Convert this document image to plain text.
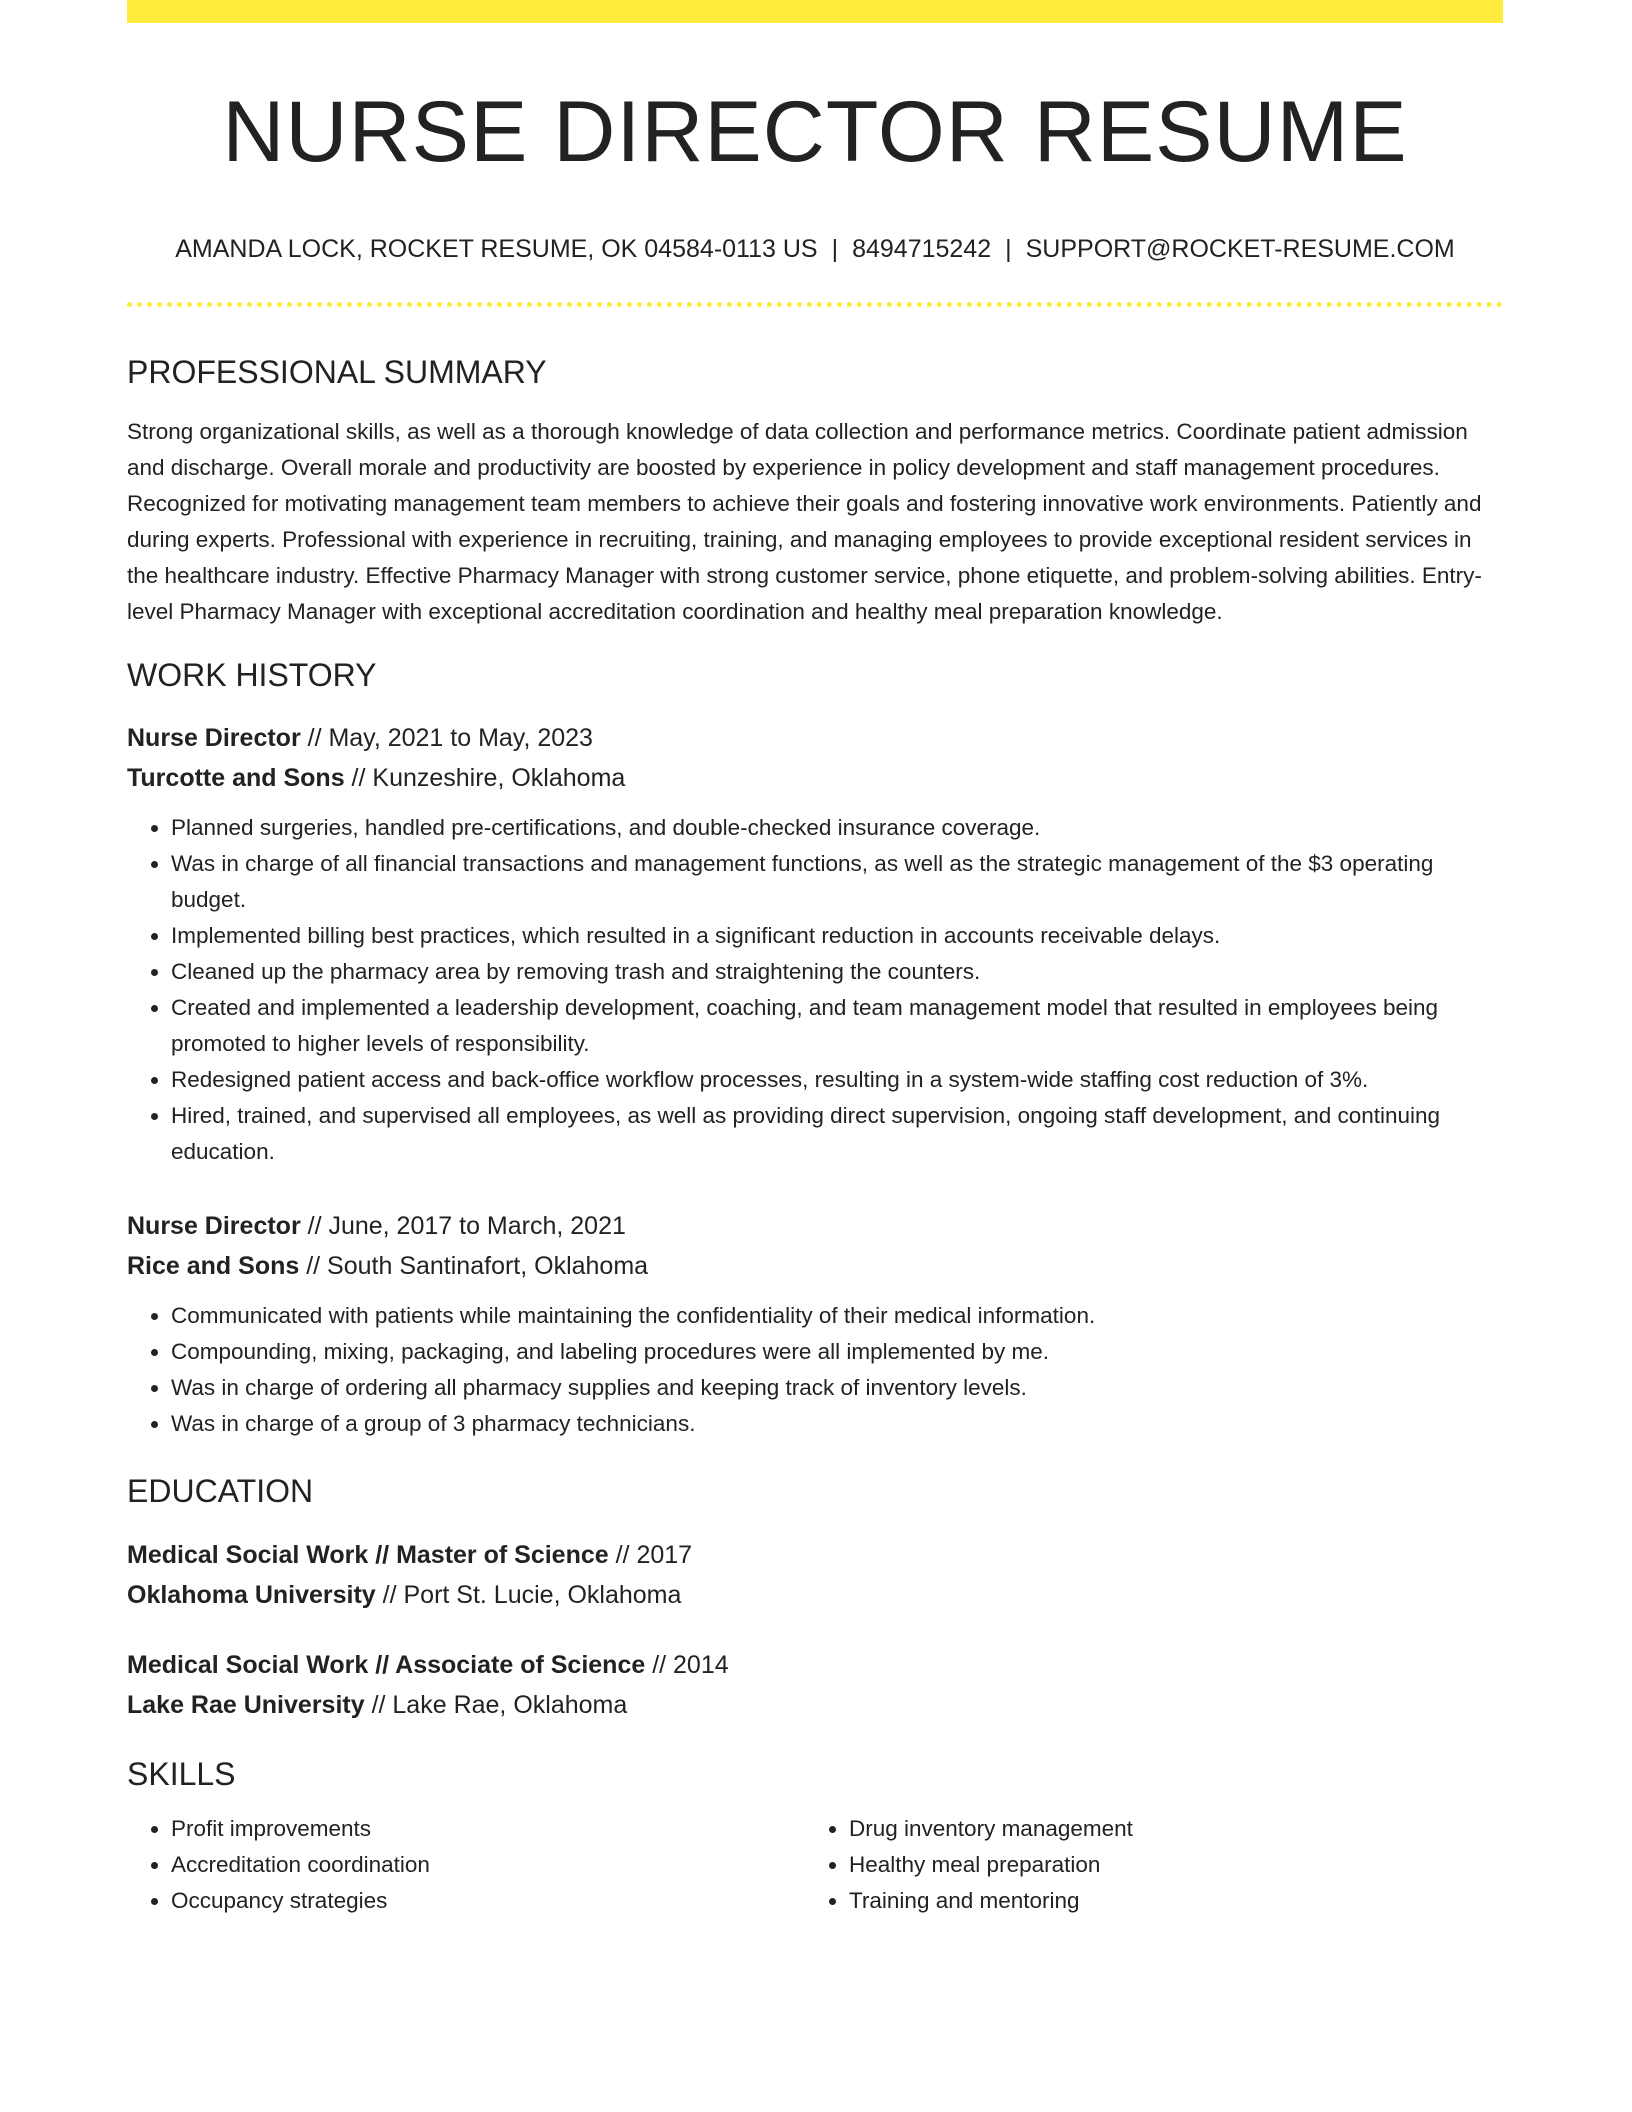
NURSE DIRECTOR RESUME
AMANDA LOCK, ROCKET RESUME, OK 04584-0113 US | 8494715242 | SUPPORT@ROCKET-RESUME.COM
PROFESSIONAL SUMMARY

Strong organizational skills, as well as a thorough knowledge of data collection and performance metrics. Coordinate patient admission and discharge. Overall morale and productivity are boosted by experience in policy development and staff management procedures. Recognized for motivating management team members to achieve their goals and fostering innovative work environments. Patiently and during experts. Professional with experience in recruiting, training, and managing employees to provide exceptional resident services in the healthcare industry. Effective Pharmacy Manager with strong customer service, phone etiquette, and problem-solving abilities. Entry-level Pharmacy Manager with exceptional accreditation coordination and healthy meal preparation knowledge.

WORK HISTORY
Nurse Director // May, 2021 to May, 2023
Turcotte and Sons // Kunzeshire, Oklahoma
• Planned surgeries, handled pre-certifications, and double-checked insurance coverage.
• Was in charge of all financial transactions and management functions, as well as the strategic management of the $3 operating budget.
• Implemented billing best practices, which resulted in a significant reduction in accounts receivable delays.
• Cleaned up the pharmacy area by removing trash and straightening the counters.
• Created and implemented a leadership development, coaching, and team management model that resulted in employees being promoted to higher levels of responsibility.
• Redesigned patient access and back-office workflow processes, resulting in a system-wide staffing cost reduction of 3%.
• Hired, trained, and supervised all employees, as well as providing direct supervision, ongoing staff development, and continuing education.
Nurse Director // June, 2017 to March, 2021
Rice and Sons // South Santinafort, Oklahoma
• Communicated with patients while maintaining the confidentiality of their medical information.
• Compounding, mixing, packaging, and labeling procedures were all implemented by me.
• Was in charge of ordering all pharmacy supplies and keeping track of inventory levels.
• Was in charge of a group of 3 pharmacy technicians.
EDUCATION
Medical Social Work // Master of Science // 2017
Oklahoma University // Port St. Lucie, Oklahoma
Medical Social Work // Associate of Science // 2014
Lake Rae University // Lake Rae, Oklahoma
SKILLS
• Profit improvements
• Accreditation coordination
• Occupancy strategies
• Drug inventory management
• Healthy meal preparation
• Training and mentoring
